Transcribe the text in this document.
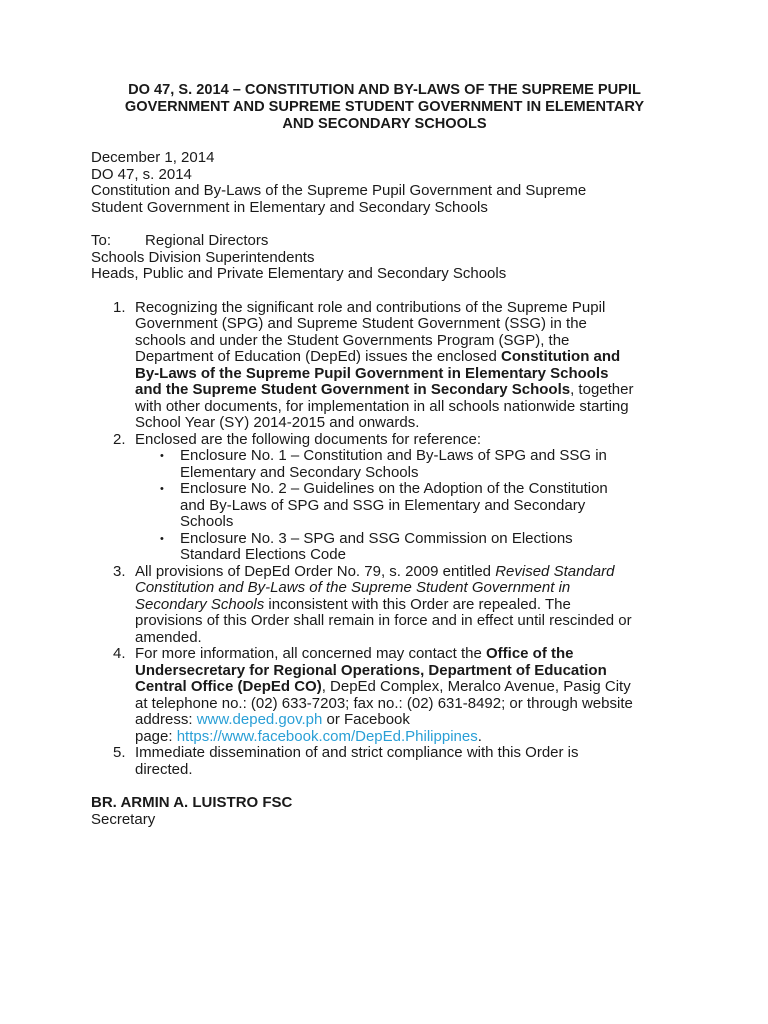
DO 47, S. 2014 – CONSTITUTION AND BY-LAWS OF THE SUPREME PUPIL
GOVERNMENT AND SUPREME STUDENT GOVERNMENT IN ELEMENTARY
AND SECONDARY SCHOOLS
December 1, 2014
DO 47, s. 2014
Constitution and By-Laws of the Supreme Pupil Government and Supreme
Student Government in Elementary and Secondary Schools
To: Regional Directors
Schools Division Superintendents
Heads, Public and Private Elementary and Secondary Schools
1. Recognizing the significant role and contributions of the Supreme Pupil
Government (SPG) and Supreme Student Government (SSG) in the
schools and under the Student Governments Program (SGP), the
Department of Education (DepEd) issues the enclosed Constitution and
By-Laws of the Supreme Pupil Government in Elementary Schools
and the Supreme Student Government in Secondary Schools, together
with other documents, for implementation in all schools nationwide starting
School Year (SY) 2014-2015 and onwards.
2. Enclosed are the following documents for reference:
• Enclosure No. 1 – Constitution and By-Laws of SPG and SSG in
Elementary and Secondary Schools
• Enclosure No. 2 – Guidelines on the Adoption of the Constitution
and By-Laws of SPG and SSG in Elementary and Secondary
Schools
• Enclosure No. 3 – SPG and SSG Commission on Elections
Standard Elections Code
3. All provisions of DepEd Order No. 79, s. 2009 entitled Revised Standard
Constitution and By-Laws of the Supreme Student Government in
Secondary Schools inconsistent with this Order are repealed. The
provisions of this Order shall remain in force and in effect until rescinded or
amended.
4. For more information, all concerned may contact the Office of the
Undersecretary for Regional Operations, Department of Education
Central Office (DepEd CO), DepEd Complex, Meralco Avenue, Pasig City
at telephone no.: (02) 633-7203; fax no.: (02) 631-8492; or through website
address: www.deped.gov.ph or Facebook
page: https://www.facebook.com/DepEd.Philippines.
5. Immediate dissemination of and strict compliance with this Order is
directed.
BR. ARMIN A. LUISTRO FSC
Secretary
